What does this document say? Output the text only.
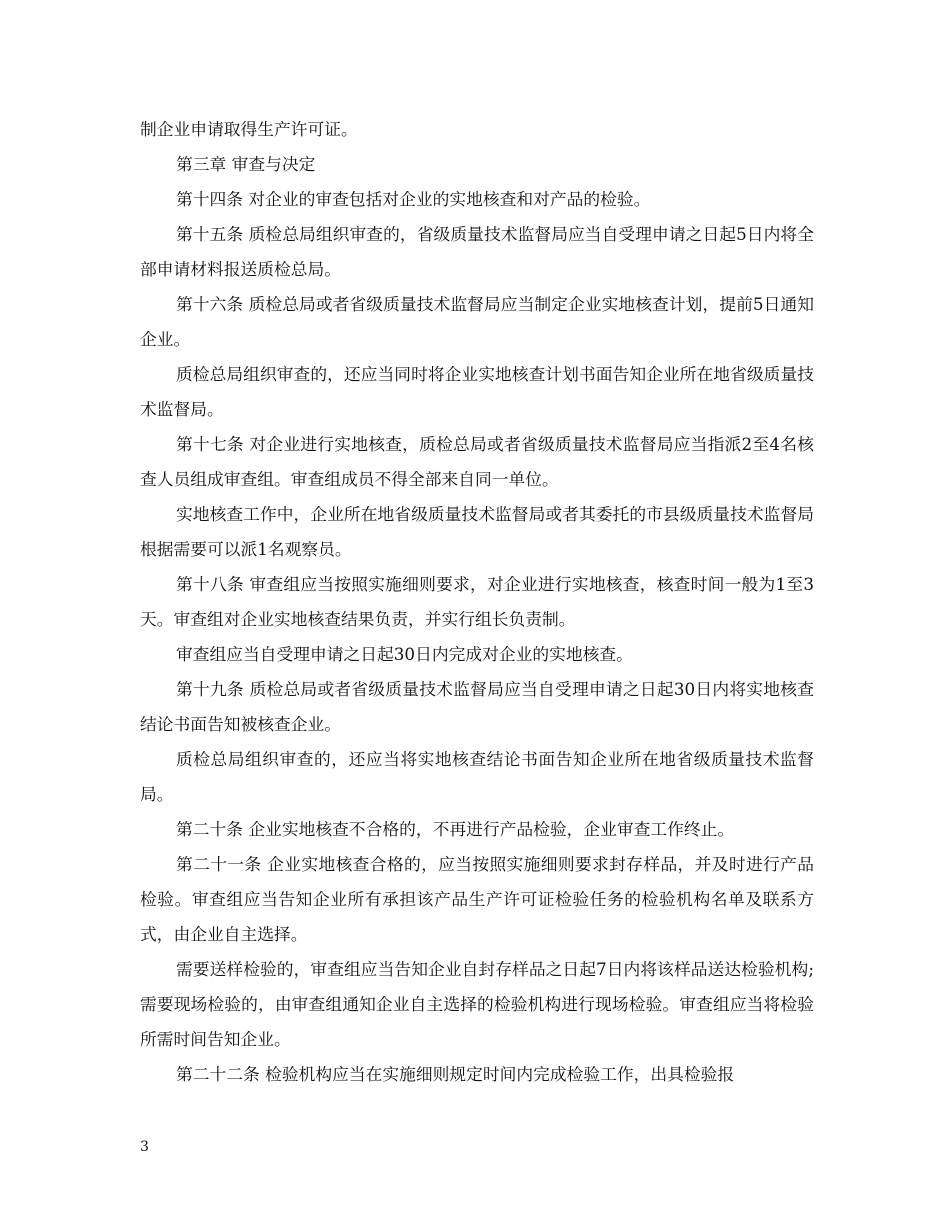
制企业申请取得生产许可证。

第三章 审查与决定

第十四条 对企业的审查包括对企业的实地核查和对产品的检验。

第十五条 质检总局组织审查的，省级质量技术监督局应当自受理申请之日起5日内将全部申请材料报送质检总局。

第十六条 质检总局或者省级质量技术监督局应当制定企业实地核查计划，提前5日通知企业。

质检总局组织审查的，还应当同时将企业实地核查计划书面告知企业所在地省级质量技术监督局。

第十七条 对企业进行实地核查，质检总局或者省级质量技术监督局应当指派2至4名核查人员组成审查组。审查组成员不得全部来自同一单位。

实地核查工作中，企业所在地省级质量技术监督局或者其委托的市县级质量技术监督局根据需要可以派1名观察员。

第十八条 审查组应当按照实施细则要求，对企业进行实地核查，核查时间一般为1至3天。审查组对企业实地核查结果负责，并实行组长负责制。

审查组应当自受理申请之日起30日内完成对企业的实地核查。

第十九条 质检总局或者省级质量技术监督局应当自受理申请之日起30日内将实地核查结论书面告知被核查企业。

质检总局组织审查的，还应当将实地核查结论书面告知企业所在地省级质量技术监督局。

第二十条 企业实地核查不合格的，不再进行产品检验，企业审查工作终止。

第二十一条 企业实地核查合格的，应当按照实施细则要求封存样品，并及时进行产品检验。审查组应当告知企业所有承担该产品生产许可证检验任务的检验机构名单及联系方式，由企业自主选择。

需要送样检验的，审查组应当告知企业自封存样品之日起7日内将该样品送达检验机构;需要现场检验的，由审查组通知企业自主选择的检验机构进行现场检验。审查组应当将检验所需时间告知企业。

第二十二条 检验机构应当在实施细则规定时间内完成检验工作，出具检验报

3
